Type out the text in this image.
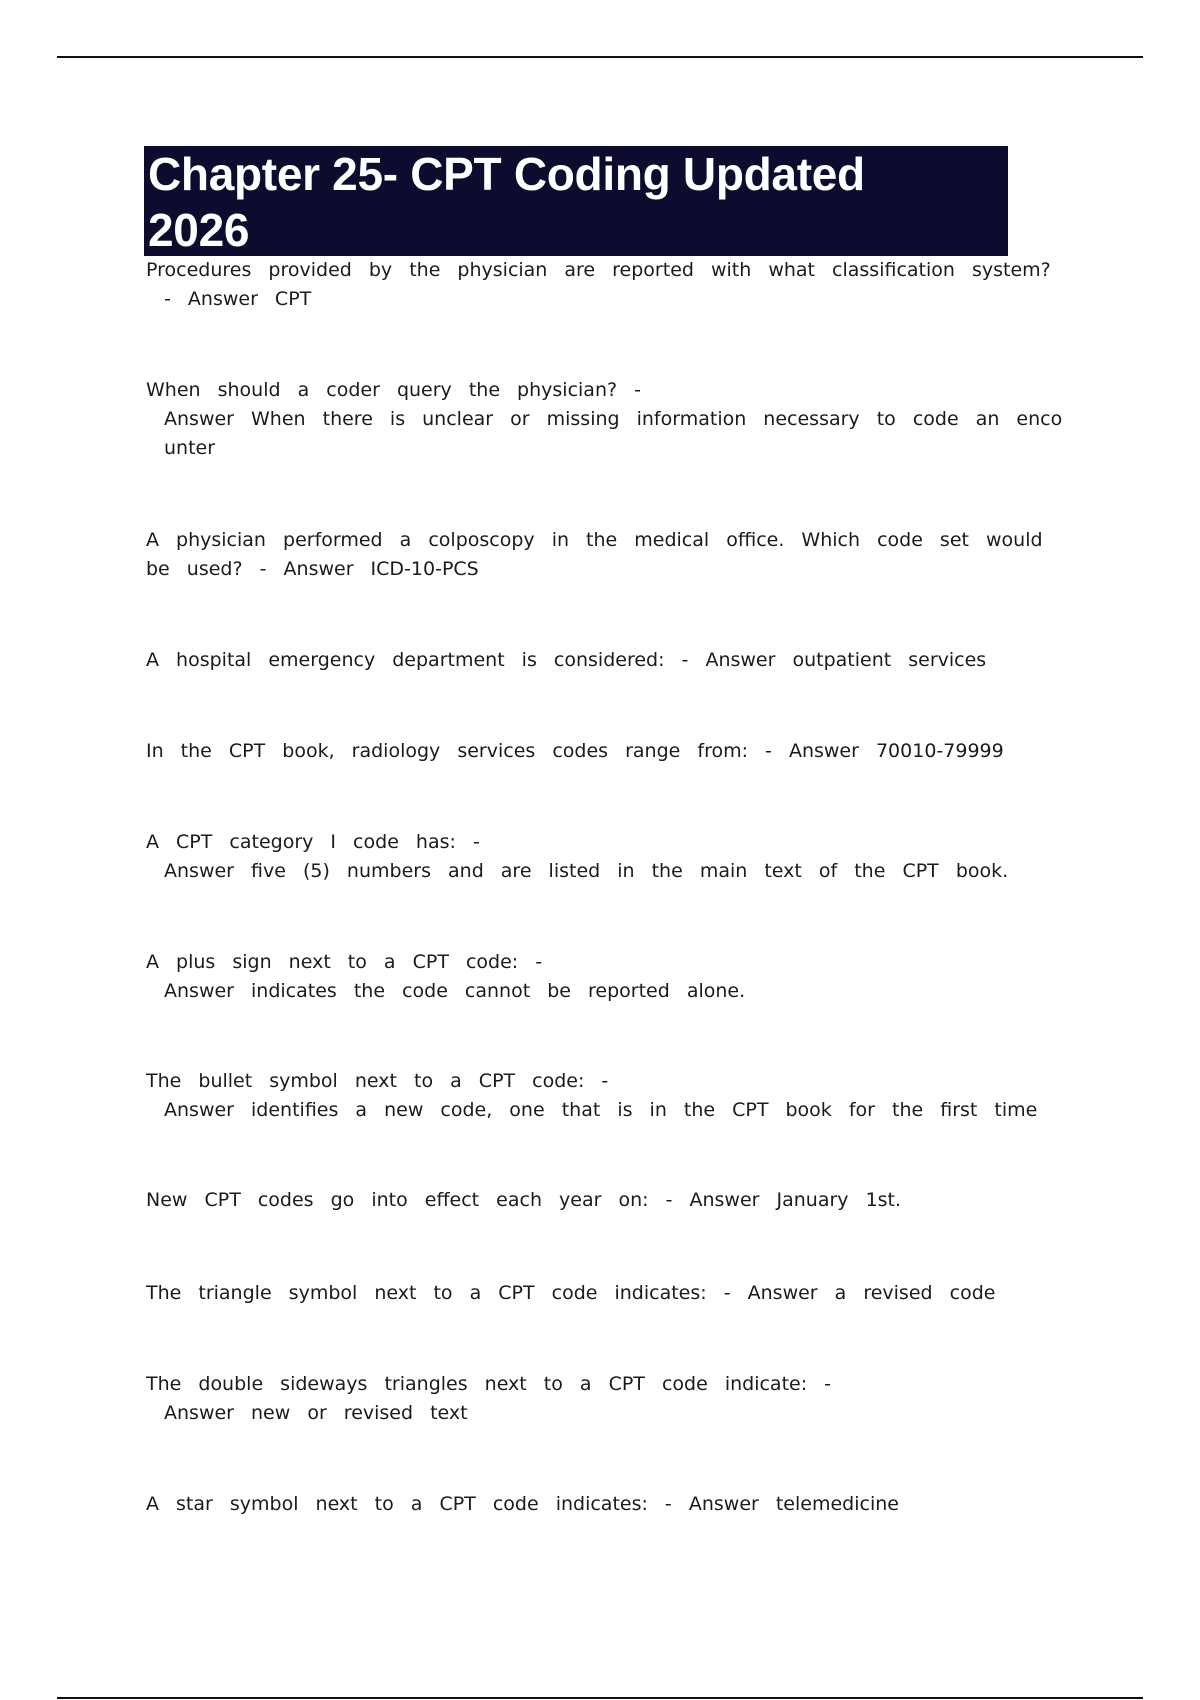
Chapter 25- CPT Coding Updated

2026

Procedures provided by the physician are reported with what classification system?

- Answer CPT
When should a coder query the physician? -
Answer When there is unclear or missing information necessary to code an enco unter
A physician performed a colposcopy in the medical office. Which code set would be used? - Answer ICD-10-PCS
A hospital emergency department is considered: - Answer outpatient services
In the CPT book, radiology services codes range from: - Answer 70010-79999
A CPT category I code has: -
Answer five (5) numbers and are listed in the main text of the CPT book.
A plus sign next to a CPT code: -
Answer indicates the code cannot be reported alone.
The bullet symbol next to a CPT code: -
Answer identifies a new code, one that is in the CPT book for the first time
New CPT codes go into effect each year on: - Answer January 1st.
The triangle symbol next to a CPT code indicates: - Answer a revised code
The double sideways triangles next to a CPT code indicate: -
Answer new or revised text
A star symbol next to a CPT code indicates: - Answer telemedicine
